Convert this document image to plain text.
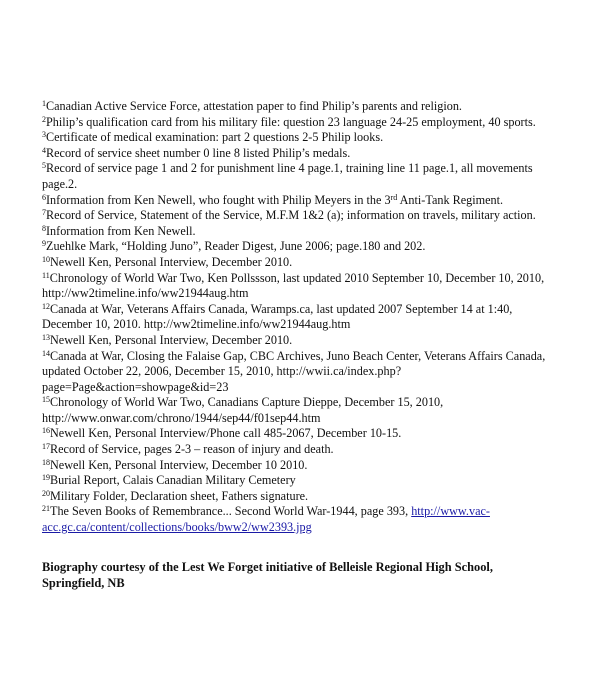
$^1$Canadian Active Service Force, attestation paper to find Philip’s parents and religion.
$^2$Philip’s qualification card from his military file: question 23 language 24-25 employment, 40 sports.
$^3$Certificate of medical examination: part 2 questions 2-5 Philip looks.
$^4$Record of service sheet number 0 line 8 listed Philip’s medals.
$^5$Record of service page 1 and 2 for punishment line 4 page.1, training line 11 page.1, all movements page.2.
$^6$Information from Ken Newell, who fought with Philip Meyers in the 3rd Anti-Tank Regiment.
$^7$Record of Service, Statement of the Service, M.F.M 1&2 (a); information on travels, military action.
$^8$Information from Ken Newell.
$^9$Zuehlke Mark, “Holding Juno”, Reader Digest, June 2006; page.180 and 202.
$^{10}$Newell Ken, Personal Interview, December 2010.
$^{11}$Chronology of World War Two, Ken Pollssson, last updated 2010 September 10, December 10, 2010, http://ww2timeline.info/ww21944aug.htm
$^{12}$Canada at War, Veterans Affairs Canada, Waramps.ca, last updated 2007 September 14 at 1:40, December 10, 2010. http://ww2timeline.info/ww21944aug.htm
$^{13}$Newell Ken, Personal Interview, December 2010.
$^{14}$Canada at War, Closing the Falaise Gap, CBC Archives, Juno Beach Center, Veterans Affairs Canada, updated October 22, 2006, December 15, 2010, http://wwii.ca/index.php?page=Page&action=showpage&id=23
$^{15}$Chronology of World War Two, Canadians Capture Dieppe, December 15, 2010, http://www.onwar.com/chrono/1944/sep44/f01sep44.htm
$^{16}$Newell Ken, Personal Interview/Phone call 485-2067, December 10-15.
$^{17}$Record of Service, pages 2-3 – reason of injury and death.
$^{18}$Newell Ken, Personal Interview, December 10 2010.
$^{19}$Burial Report, Calais Canadian Military Cemetery
$^{20}$Military Folder, Declaration sheet, Fathers signature.
$^{21}$The Seven Books of Remembrance... Second World War-1944, page 393, http://www.vac-acc.gc.ca/content/collections/books/bww2/ww2393.jpg

Biography courtesy of the Lest We Forget initiative of Belleisle Regional High School, Springfield, NB
